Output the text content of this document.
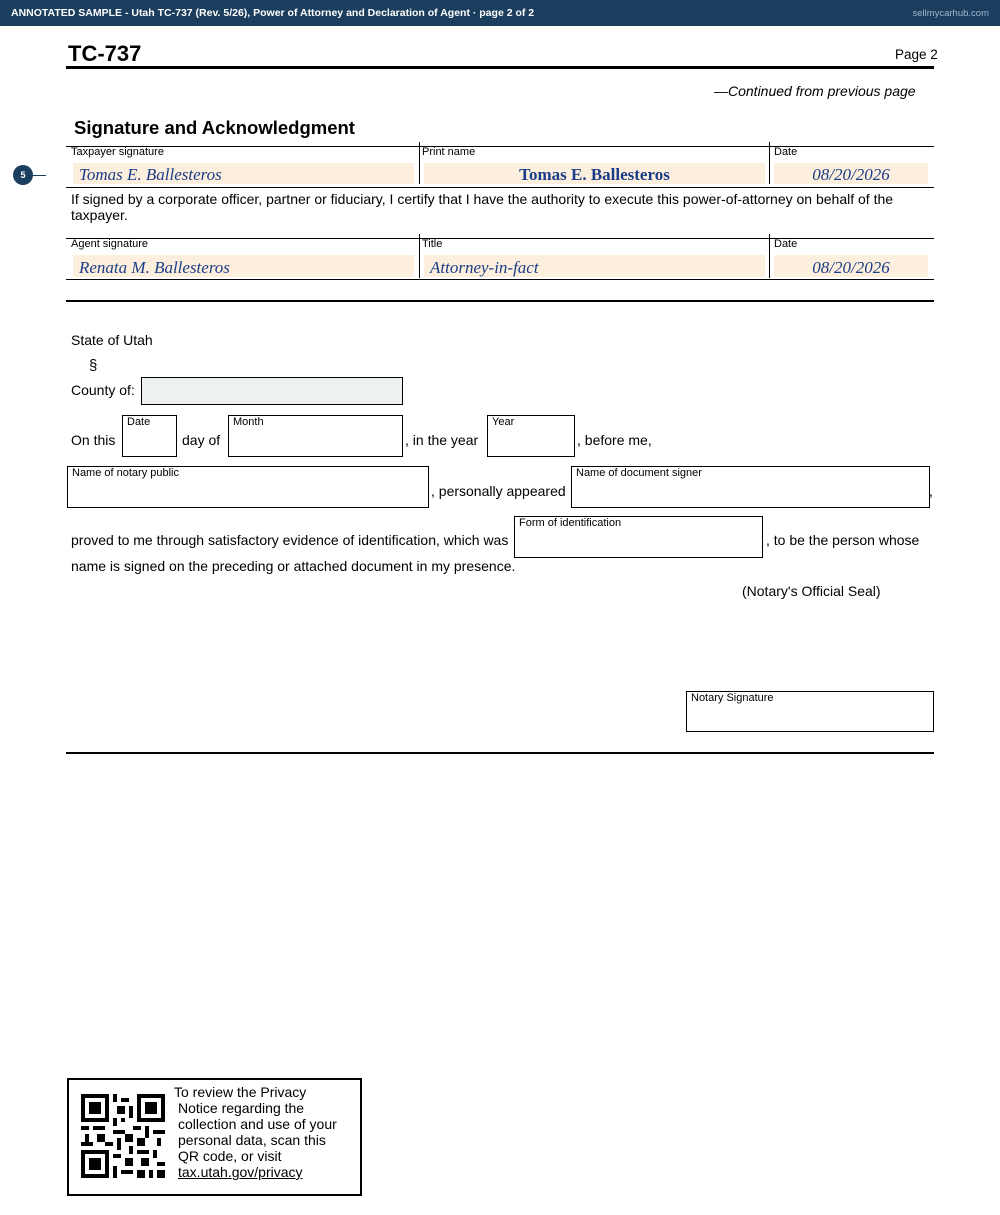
ANNOTATED SAMPLE - Utah TC-737 (Rev. 5/26), Power of Attorney and Declaration of Agent · page 2 of 2	sellmycarhub.com
TC-737	Page 2
—Continued from previous page
Signature and Acknowledgment
Taxpayer signature	Print name	Date
Tomas E. Ballesteros	Tomas E. Ballesteros	08/20/2026
5
If signed by a corporate officer, partner or fiduciary, I certify that I have the authority to execute this power-of-attorney on behalf of the taxpayer.
Agent signature	Title	Date
Renata M. Ballesteros	Attorney-in-fact	08/20/2026
State of Utah
§
County of:
On this
Date
day of
Month
, in the year
Year
, before me,
Name of notary public
, personally appeared
Name of document signer
,
proved to me through satisfactory evidence of identification, which was
Form of identification
, to be the person whose
name is signed on the preceding or attached document in my presence.
(Notary's Official Seal)
Notary Signature
To review the Privacy
Notice regarding the
collection and use of your
personal data, scan this
QR code, or visit
tax.utah.gov/privacy
